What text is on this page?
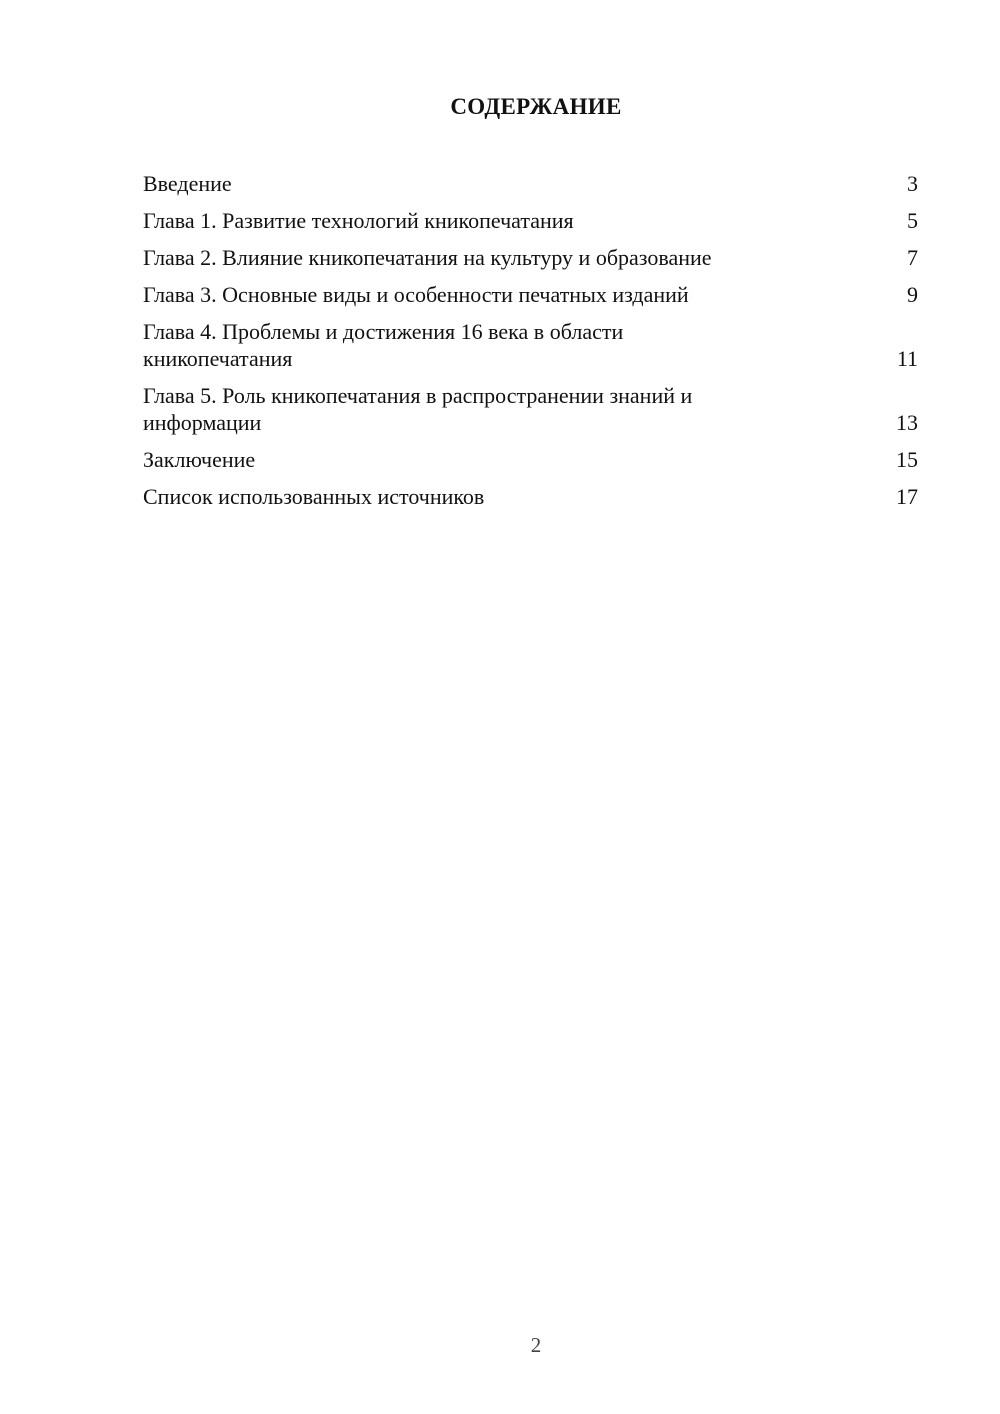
СОДЕРЖАНИЕ
Введение	3
Глава 1. Развитие технологий кникопечатания	5
Глава 2. Влияние кникопечатания на культуру и образование	7
Глава 3. Основные виды и особенности печатных изданий	9
Глава 4. Проблемы и достижения 16 века в области кникопечатания	11
Глава 5. Роль кникопечатания в распространении знаний и информации	13
Заключение	15
Список использованных источников	17
2
